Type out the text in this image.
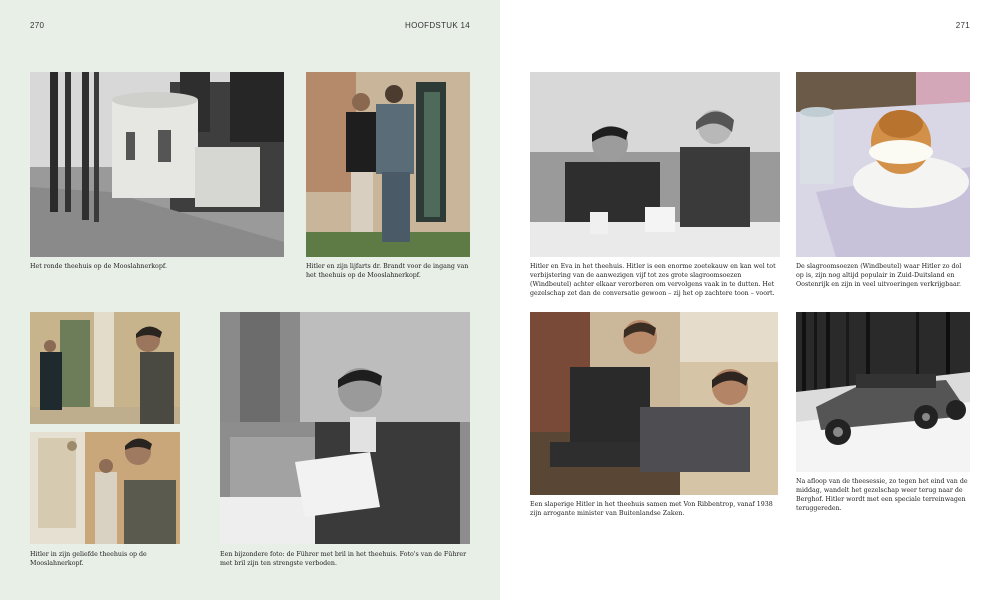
270	HOOFDSTUK 14

Het ronde theehuis op de Mooslahnerkopf.	Hitler en zijn lijfarts dr. Brandt voor de ingang van het theehuis op de Mooslahnerkopf.

Hitler in zijn geliefde theehuis op de Mooslahnerkopf.

Een bijzondere foto: de Führer met bril in het theehuis. Foto's van de Führer met bril zijn ten strengste verboden.

271

Hitler en Eva in het theehuis. Hitler is een enorme zoetekauw en kan wel tot verbijstering van de aanwezigen vijf tot zes grote slagroomsoezen (Windbeutel) achter elkaar verorberen om vervolgens vaak in te dutten. Het gezelschap zet dan de conversatie gewoon – zij het op zachtere toon – voort.

De slagroomsoezen (Windbeutel) waar Hitler zo dol op is, zijn nog altijd populair in Zuid-Duitsland en Oostenrijk en zijn in veel uitvoeringen verkrijgbaar.

Een slaperige Hitler in het theehuis samen met Von Ribbentrop, vanaf 1938 zijn arrogante minister van Buitenlandse Zaken.

Na afloop van de theesessie, zo tegen het eind van de middag, wandelt het gezelschap weer terug naar de Berghof. Hitler wordt met een speciale terreinwagen teruggereden.
